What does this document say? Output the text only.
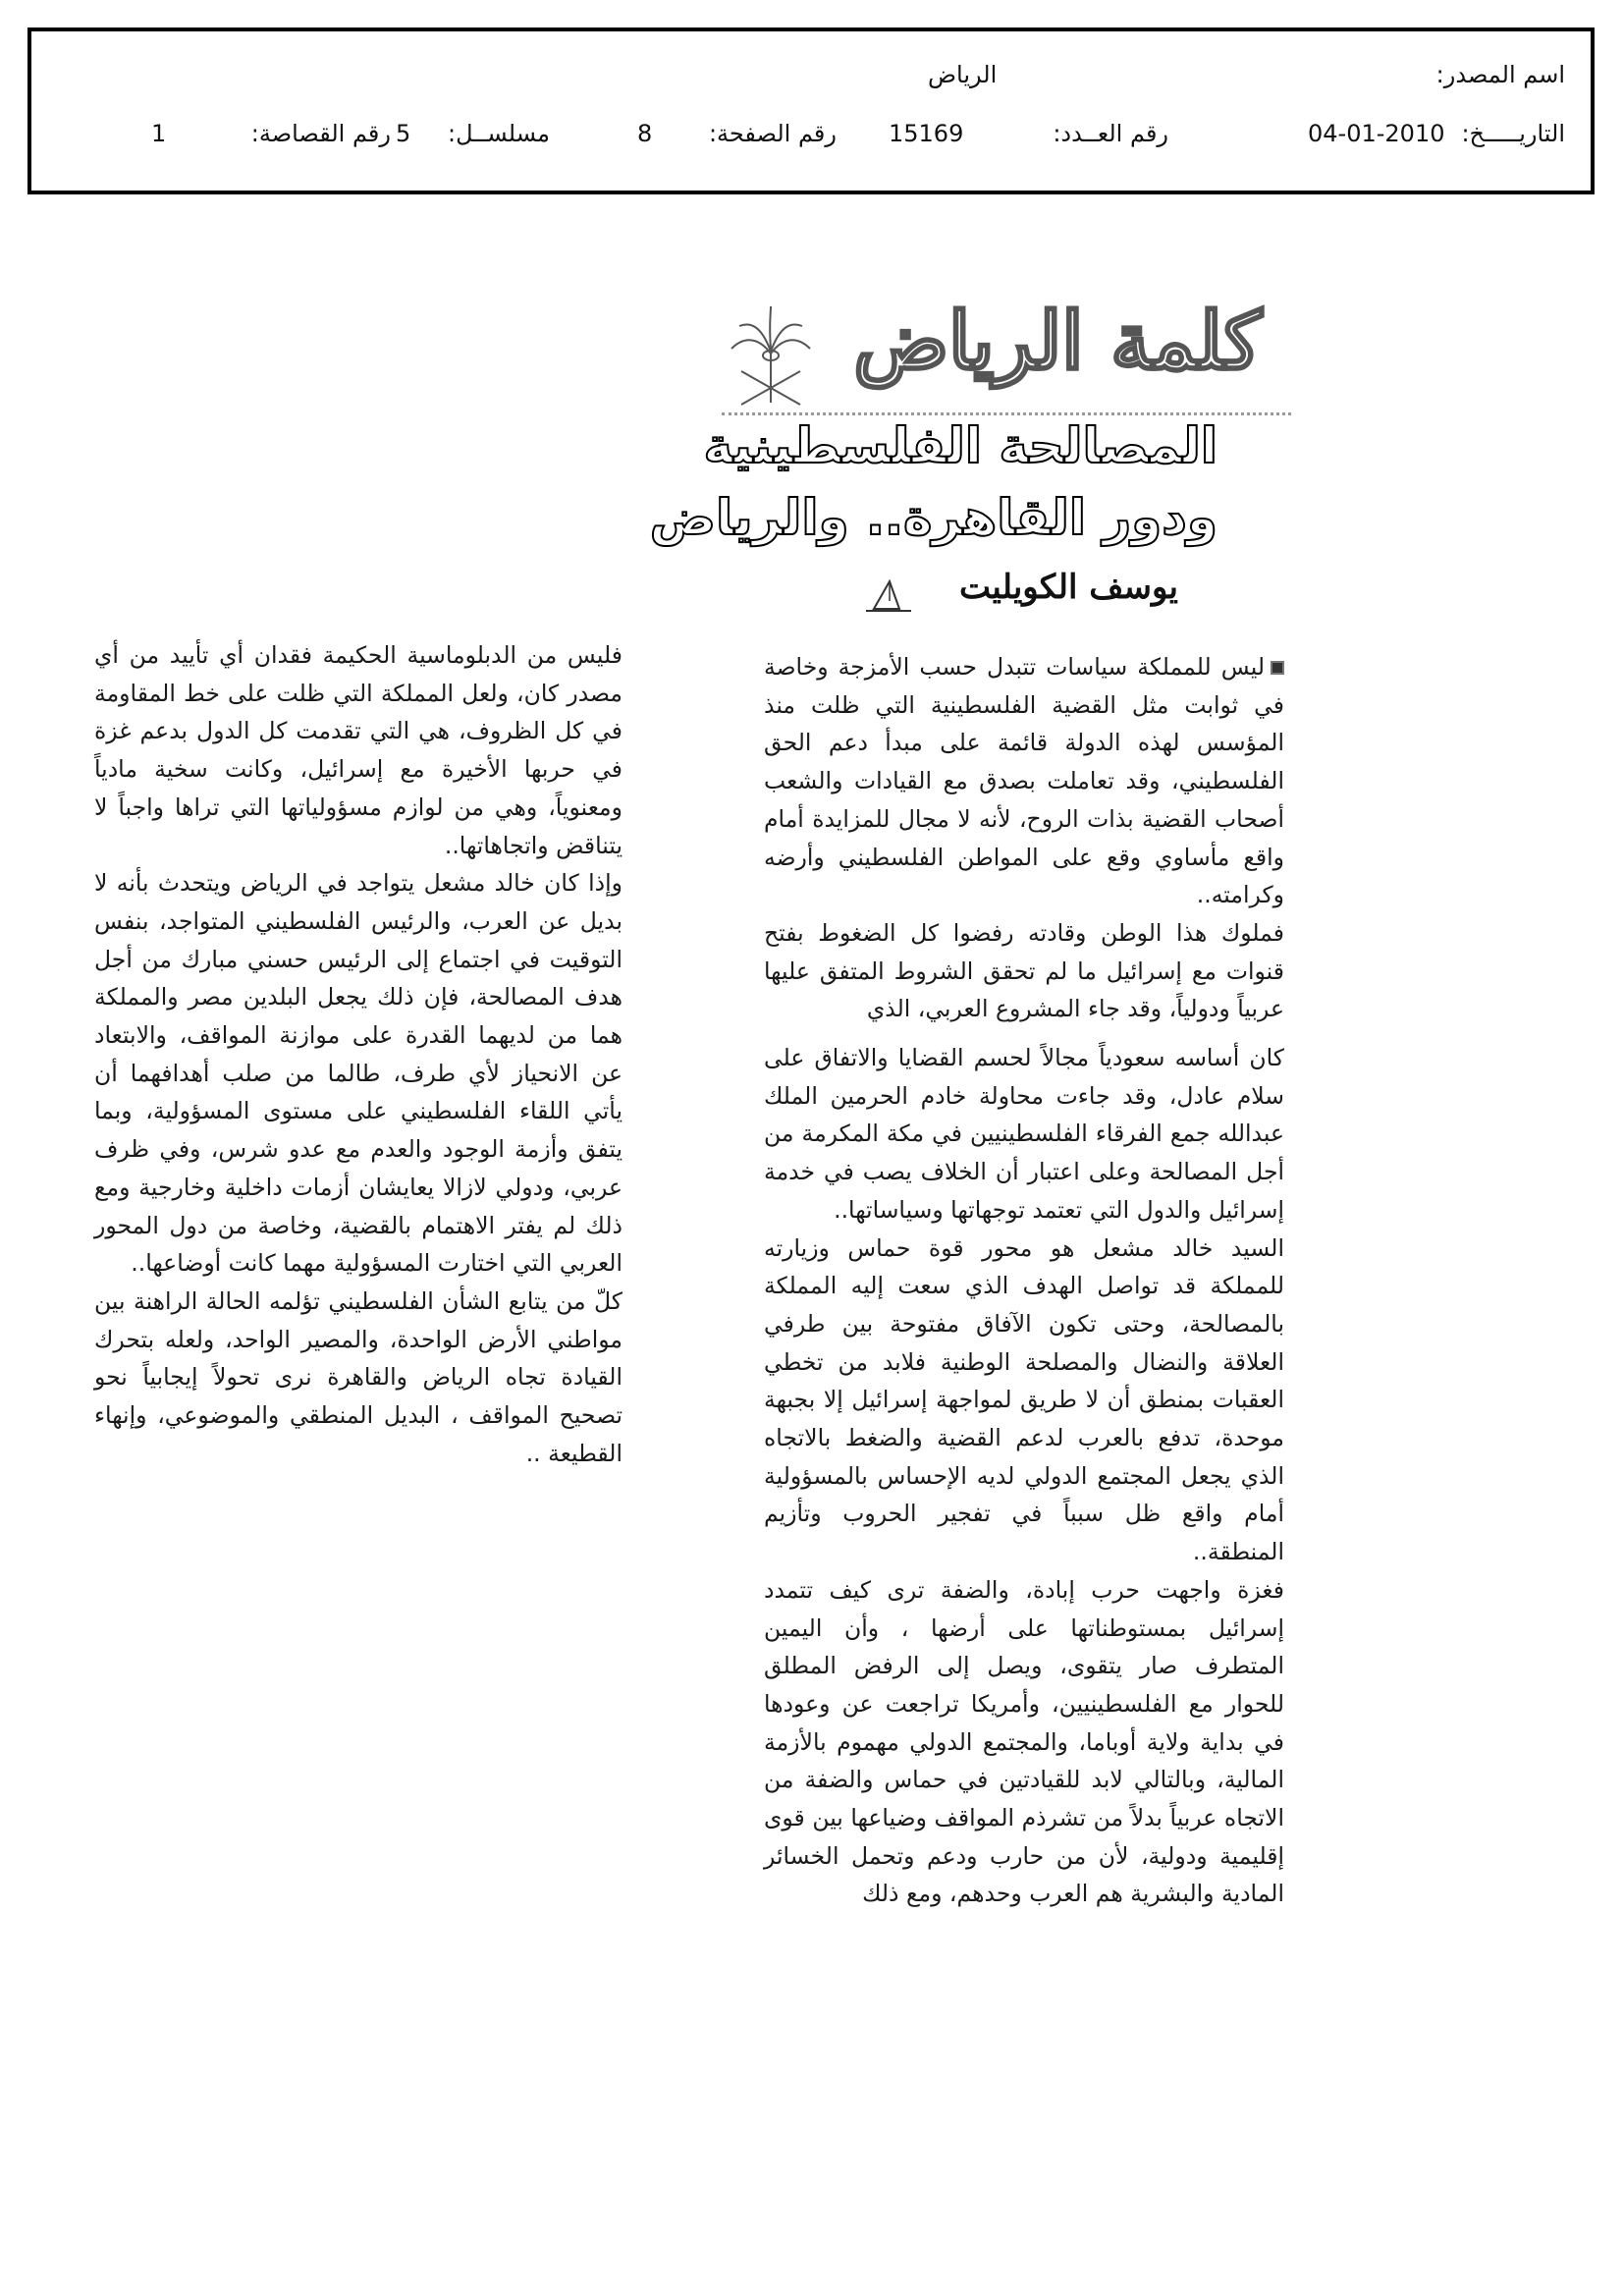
اسم المصدر:
الرياض
التاريـــــخ:
04-01-2010
رقم العــدد:
15169
رقم الصفحة:
8
مسلســل:
5
رقم القصاصة:
1
كلمة الرياض
المصالحة الفلسطينية
ودور القاهرة.. والرياض
يوسف الكويليت

ليس للمملكة سياسات تتبدل حسب الأمزجة وخاصة في ثوابت مثل القضية الفلسطينية التي ظلت منذ المؤسس لهذه الدولة قائمة على مبدأ دعم الحق الفلسطيني، وقد تعاملت بصدق مع القيادات والشعب أصحاب القضية بذات الروح، لأنه لا مجال للمزايدة أمام واقع مأساوي وقع على المواطن الفلسطيني وأرضه وكرامته..

فملوك هذا الوطن وقادته رفضوا كل الضغوط بفتح قنوات مع إسرائيل ما لم تحقق الشروط المتفق عليها عربياً ودولياً، وقد جاء المشروع العربي، الذي

كان أساسه سعودياً مجالاً لحسم القضايا والاتفاق على سلام عادل، وقد جاءت محاولة خادم الحرمين الملك عبدالله جمع الفرقاء الفلسطينيين في مكة المكرمة من أجل المصالحة وعلى اعتبار أن الخلاف يصب في خدمة إسرائيل والدول التي تعتمد توجهاتها وسياساتها..

السيد خالد مشعل هو محور قوة حماس وزيارته للمملكة قد تواصل الهدف الذي سعت إليه المملكة بالمصالحة، وحتى تكون الآفاق مفتوحة بين طرفي العلاقة والنضال والمصلحة الوطنية فلابد من تخطي العقبات بمنطق أن لا طريق لمواجهة إسرائيل إلا بجبهة موحدة، تدفع بالعرب لدعم القضية والضغط بالاتجاه الذي يجعل المجتمع الدولي لديه الإحساس بالمسؤولية أمام واقع ظل سبباً في تفجير الحروب وتأزيم المنطقة..

فغزة واجهت حرب إبادة، والضفة ترى كيف تتمدد إسرائيل بمستوطناتها على أرضها ، وأن اليمين المتطرف صار يتقوى، ويصل إلى الرفض المطلق للحوار مع الفلسطينيين، وأمريكا تراجعت عن وعودها في بداية ولاية أوباما، والمجتمع الدولي مهموم بالأزمة المالية، وبالتالي لابد للقيادتين في حماس والضفة من الاتجاه عربياً بدلاً من تشرذم المواقف وضياعها بين قوى إقليمية ودولية، لأن من حارب ودعم وتحمل الخسائر المادية والبشرية هم العرب وحدهم، ومع ذلك

فليس من الدبلوماسية الحكيمة فقدان أي تأييد من أي مصدر كان، ولعل المملكة التي ظلت على خط المقاومة في كل الظروف، هي التي تقدمت كل الدول بدعم غزة في حربها الأخيرة مع إسرائيل، وكانت سخية مادياً ومعنوياً، وهي من لوازم مسؤولياتها التي تراها واجباً لا يتناقض واتجاهاتها..

وإذا كان خالد مشعل يتواجد في الرياض ويتحدث بأنه لا بديل عن العرب، والرئيس الفلسطيني المتواجد، بنفس التوقيت في اجتماع إلى الرئيس حسني مبارك من أجل هدف المصالحة، فإن ذلك يجعل البلدين مصر والمملكة هما من لديهما القدرة على موازنة المواقف، والابتعاد عن الانحياز لأي طرف، طالما من صلب أهدافهما أن يأتي اللقاء الفلسطيني على مستوى المسؤولية، وبما يتفق وأزمة الوجود والعدم مع عدو شرس، وفي ظرف عربي، ودولي لازالا يعايشان أزمات داخلية وخارجية ومع ذلك لم يفتر الاهتمام بالقضية، وخاصة من دول المحور العربي التي اختارت المسؤولية مهما كانت أوضاعها..

كلّ من يتابع الشأن الفلسطيني تؤلمه الحالة الراهنة بين مواطني الأرض الواحدة، والمصير الواحد، ولعله بتحرك القيادة تجاه الرياض والقاهرة نرى تحولاً إيجابياً نحو تصحيح المواقف ، البديل المنطقي والموضوعي، وإنهاء القطيعة ..
